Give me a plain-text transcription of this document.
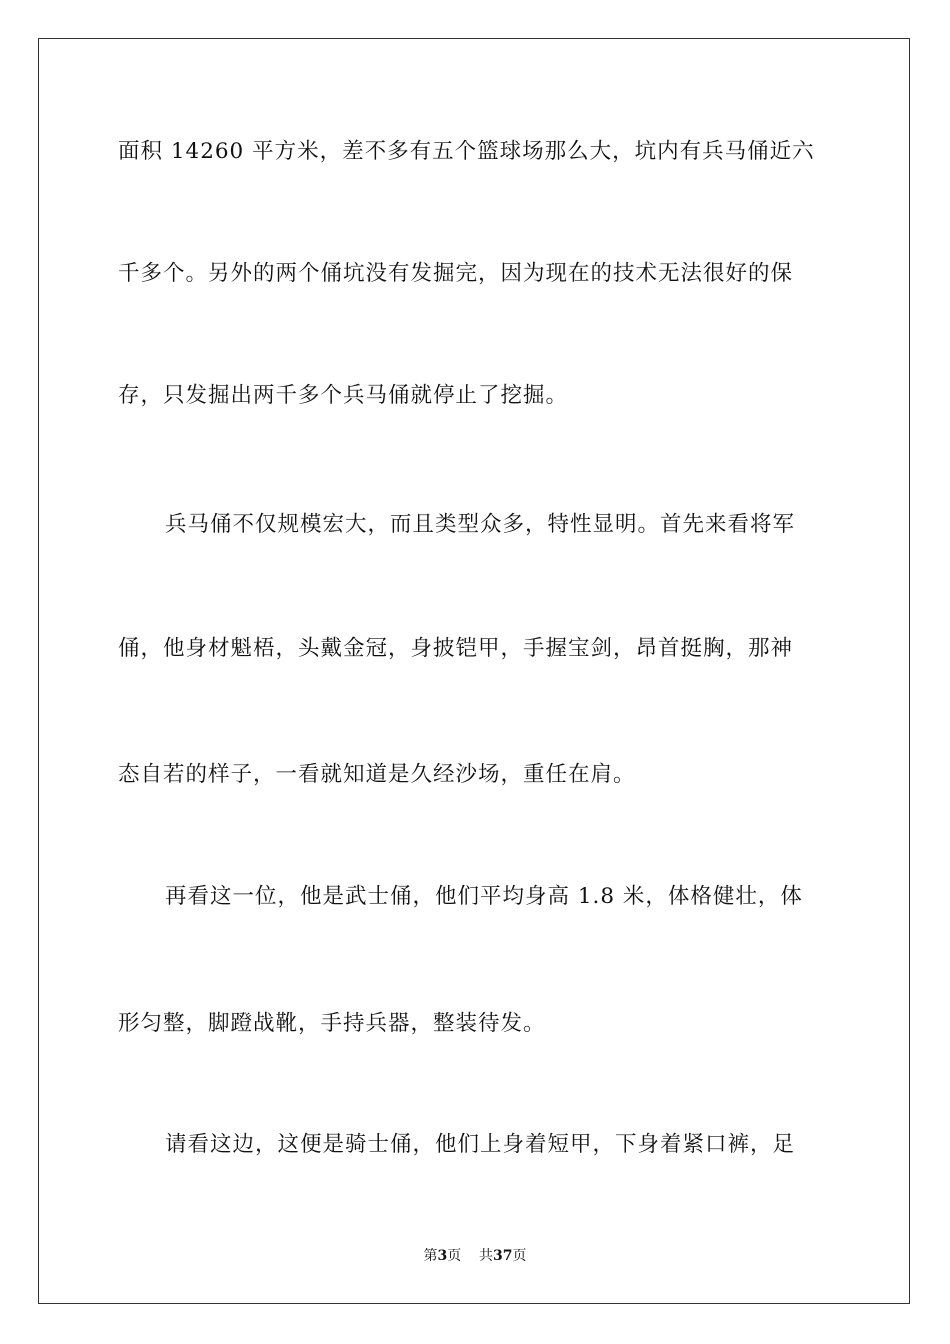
面积 14260 平方米，差不多有五个篮球场那么大，坑内有兵马俑近六
千多个。另外的两个俑坑没有发掘完，因为现在的技术无法很好的保
存，只发掘出两千多个兵马俑就停止了挖掘。
兵马俑不仅规模宏大，而且类型众多，特性显明。首先来看将军
俑，他身材魁梧，头戴金冠，身披铠甲，手握宝剑，昂首挺胸，那神
态自若的样子，一看就知道是久经沙场，重任在肩。
再看这一位，他是武士俑，他们平均身高 1.8 米，体格健壮，体
形匀整，脚蹬战靴，手持兵器，整装待发。
请看这边，这便是骑士俑，他们上身着短甲，下身着紧口裤，足
第3页 共37页
